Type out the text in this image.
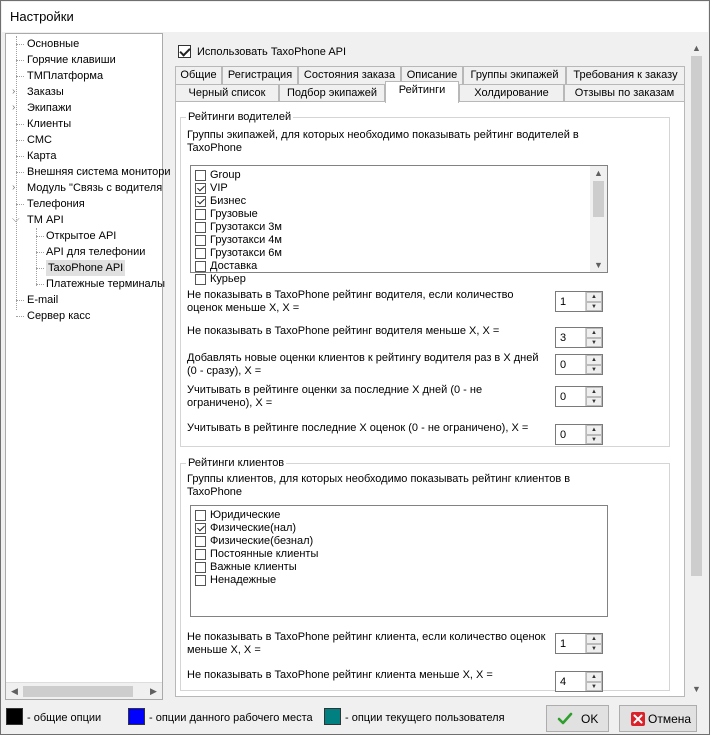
Настройки
◀	▶
Основные
Горячие клавиши
ТМПлатформа
›	Заказы
›	Экипажи
Клиенты
СМС
Карта
Внешняя система монитори
›	Модуль "Связь с водителя
Телефония
⌵ ТМ API
Открытое API
API для телефонии
TaxoPhone API
Платежные терминалы
E-mail
Сервер касс
Использовать TaxoPhone API
Общие	Регистрация	Состояния заказа	Описание	Группы экипажей	Требования к заказу
Черный список	Подбор экипажей	Рейтинги	Холдирование	Отзывы по заказам
Рейтинги водителей
Группы экипажей, для которых необходимо показывать рейтинг водителей в TaxoPhone
▲
▼
Group
VIP
Бизнес
Грузовые
Грузотакси 3м
Грузотакси 4м
Грузотакси 6м
Доставка
Курьер
Не показывать в TaxoPhone рейтинг водителя, если количество оценок меньше X, X =	1	▲
▼
Не показывать в TaxoPhone рейтинг водителя меньше X, X =
3	▲
▼
Добавлять новые оценки клиентов к рейтингу водителя раз в X дней (0 - сразу), X =	0	▲
▼
Учитывать в рейтинге оценки за последние X дней (0 - не ограничено), X =	0	▲
▼
Учитывать в рейтинге последние X оценок (0 - не ограничено), X =
0	▲
▼
Рейтинги клиентов
Группы клиентов, для которых необходимо показывать рейтинг клиентов в TaxoPhone
Юридические
Физические(нал)
Физические(безнал)
Постоянные клиенты
Важные клиенты
Ненадежные
Не показывать в TaxoPhone рейтинг клиента, если количество оценок меньше X, X =	1	▲
▼
Не показывать в TaxoPhone рейтинг клиента меньше X, X =
4	▲
▼
▲
▼
- общие опции	- опции данного рабочего места	- опции текущего пользователя	OK	Отмена
